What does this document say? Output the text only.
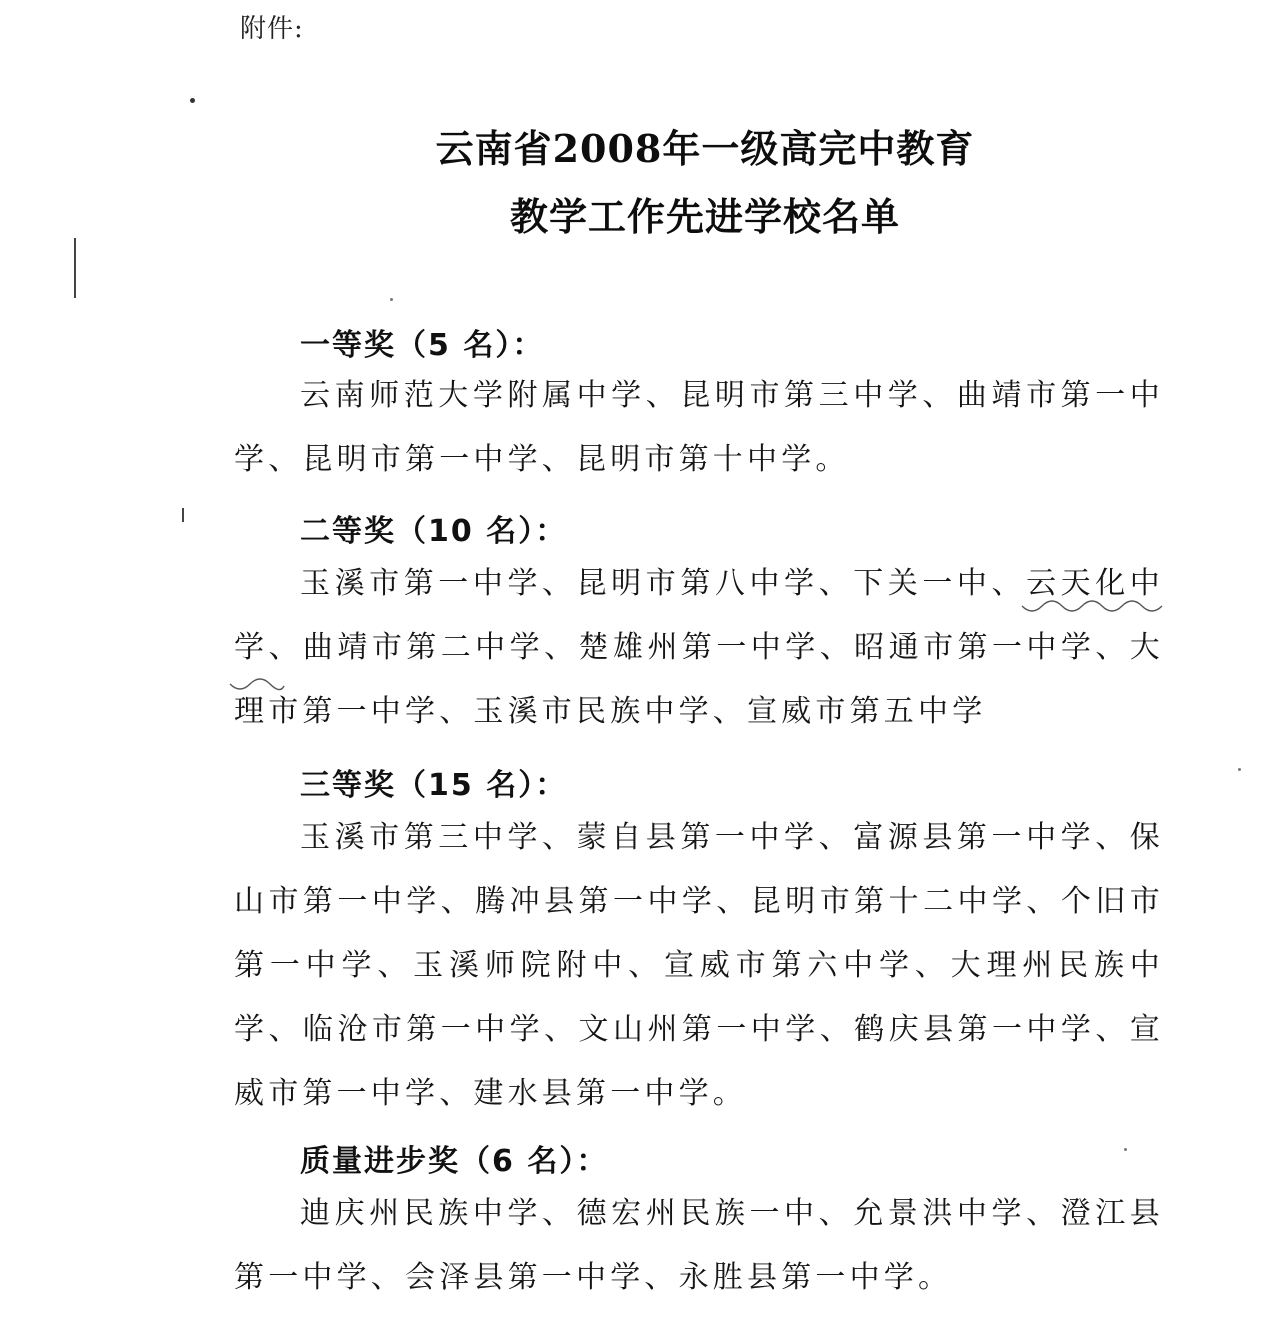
附件:
云南省2008年一级高完中教育
教学工作先进学校名单
一等奖（5 名）：
云南师范大学附属中学、昆明市第三中学、曲靖市第一中学、昆明市第一中学、昆明市第十中学。
二等奖（10 名）：
玉溪市第一中学、昆明市第八中学、下关一中、云天化中学、曲靖市第二中学、楚雄州第一中学、昭通市第一中学、大理市第一中学、玉溪市民族中学、宣威市第五中学
三等奖（15 名）：
玉溪市第三中学、蒙自县第一中学、富源县第一中学、保山市第一中学、腾冲县第一中学、昆明市第十二中学、个旧市第一中学、玉溪师院附中、宣威市第六中学、大理州民族中学、临沧市第一中学、文山州第一中学、鹤庆县第一中学、宣威市第一中学、建水县第一中学。
质量进步奖（6 名）：
迪庆州民族中学、德宏州民族一中、允景洪中学、澄江县第一中学、会泽县第一中学、永胜县第一中学。
